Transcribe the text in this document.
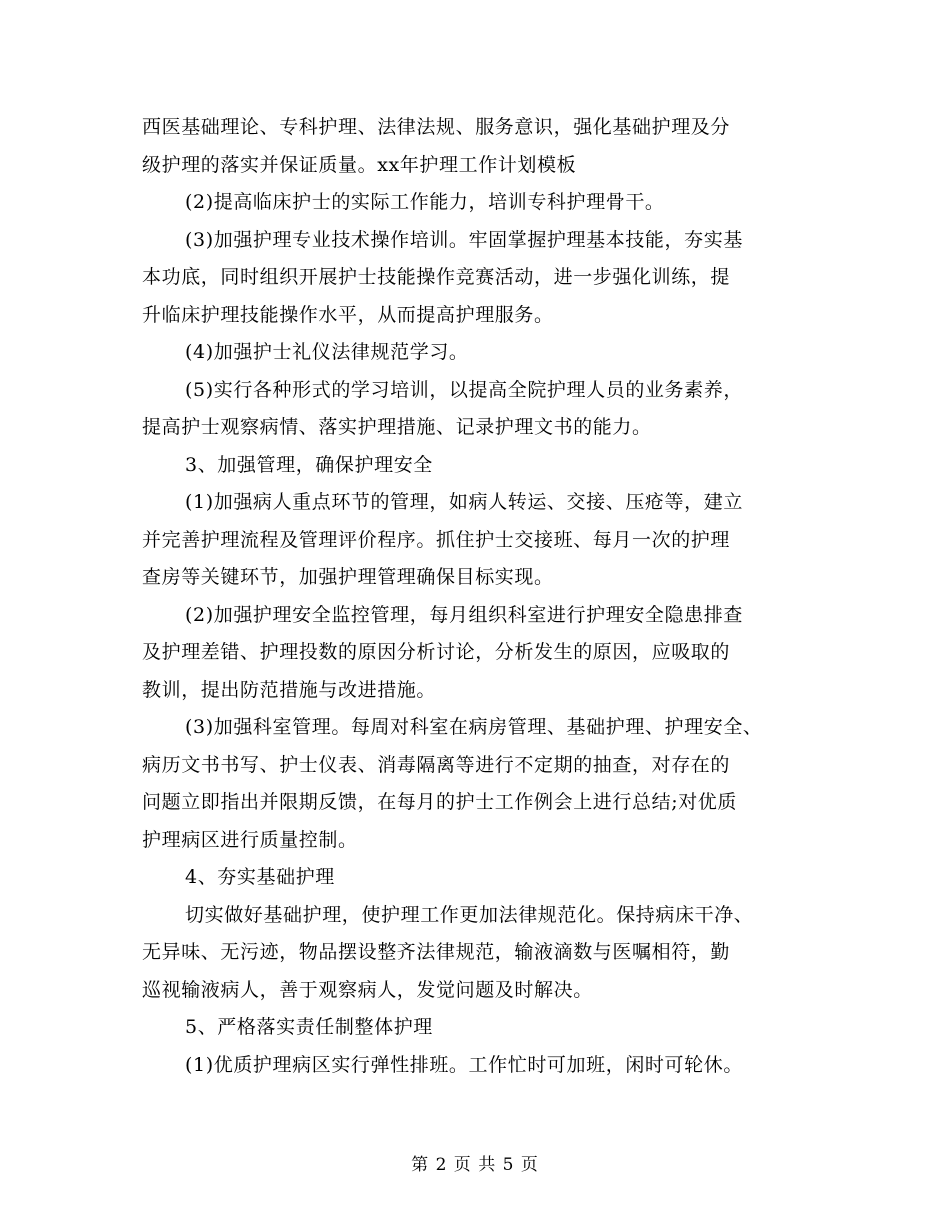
西医基础理论、专科护理、法律法规、服务意识，强化基础护理及分
级护理的落实并保证质量。xx年护理工作计划模板
(2)提高临床护士的实际工作能力，培训专科护理骨干。
(3)加强护理专业技术操作培训。牢固掌握护理基本技能，夯实基
本功底，同时组织开展护士技能操作竞赛活动，进一步强化训练，提
升临床护理技能操作水平，从而提高护理服务。
(4)加强护士礼仪法律规范学习。
(5)实行各种形式的学习培训，以提高全院护理人员的业务素养，
提高护士观察病情、落实护理措施、记录护理文书的能力。
3、加强管理，确保护理安全
(1)加强病人重点环节的管理，如病人转运、交接、压疮等，建立
并完善护理流程及管理评价程序。抓住护士交接班、每月一次的护理
查房等关键环节，加强护理管理确保目标实现。
(2)加强护理安全监控管理，每月组织科室进行护理安全隐患排查
及护理差错、护理投数的原因分析讨论，分析发生的原因，应吸取的
教训，提出防范措施与改进措施。
(3)加强科室管理。每周对科室在病房管理、基础护理、护理安全、
病历文书书写、护士仪表、消毒隔离等进行不定期的抽查，对存在的
问题立即指出并限期反馈，在每月的护士工作例会上进行总结;对优质
护理病区进行质量控制。
4、夯实基础护理
切实做好基础护理，使护理工作更加法律规范化。保持病床干净、
无异味、无污迹，物品摆设整齐法律规范，输液滴数与医嘱相符，勤
巡视输液病人，善于观察病人，发觉问题及时解决。
5、严格落实责任制整体护理
(1)优质护理病区实行弹性排班。工作忙时可加班，闲时可轮休。
第 2 页 共 5 页
